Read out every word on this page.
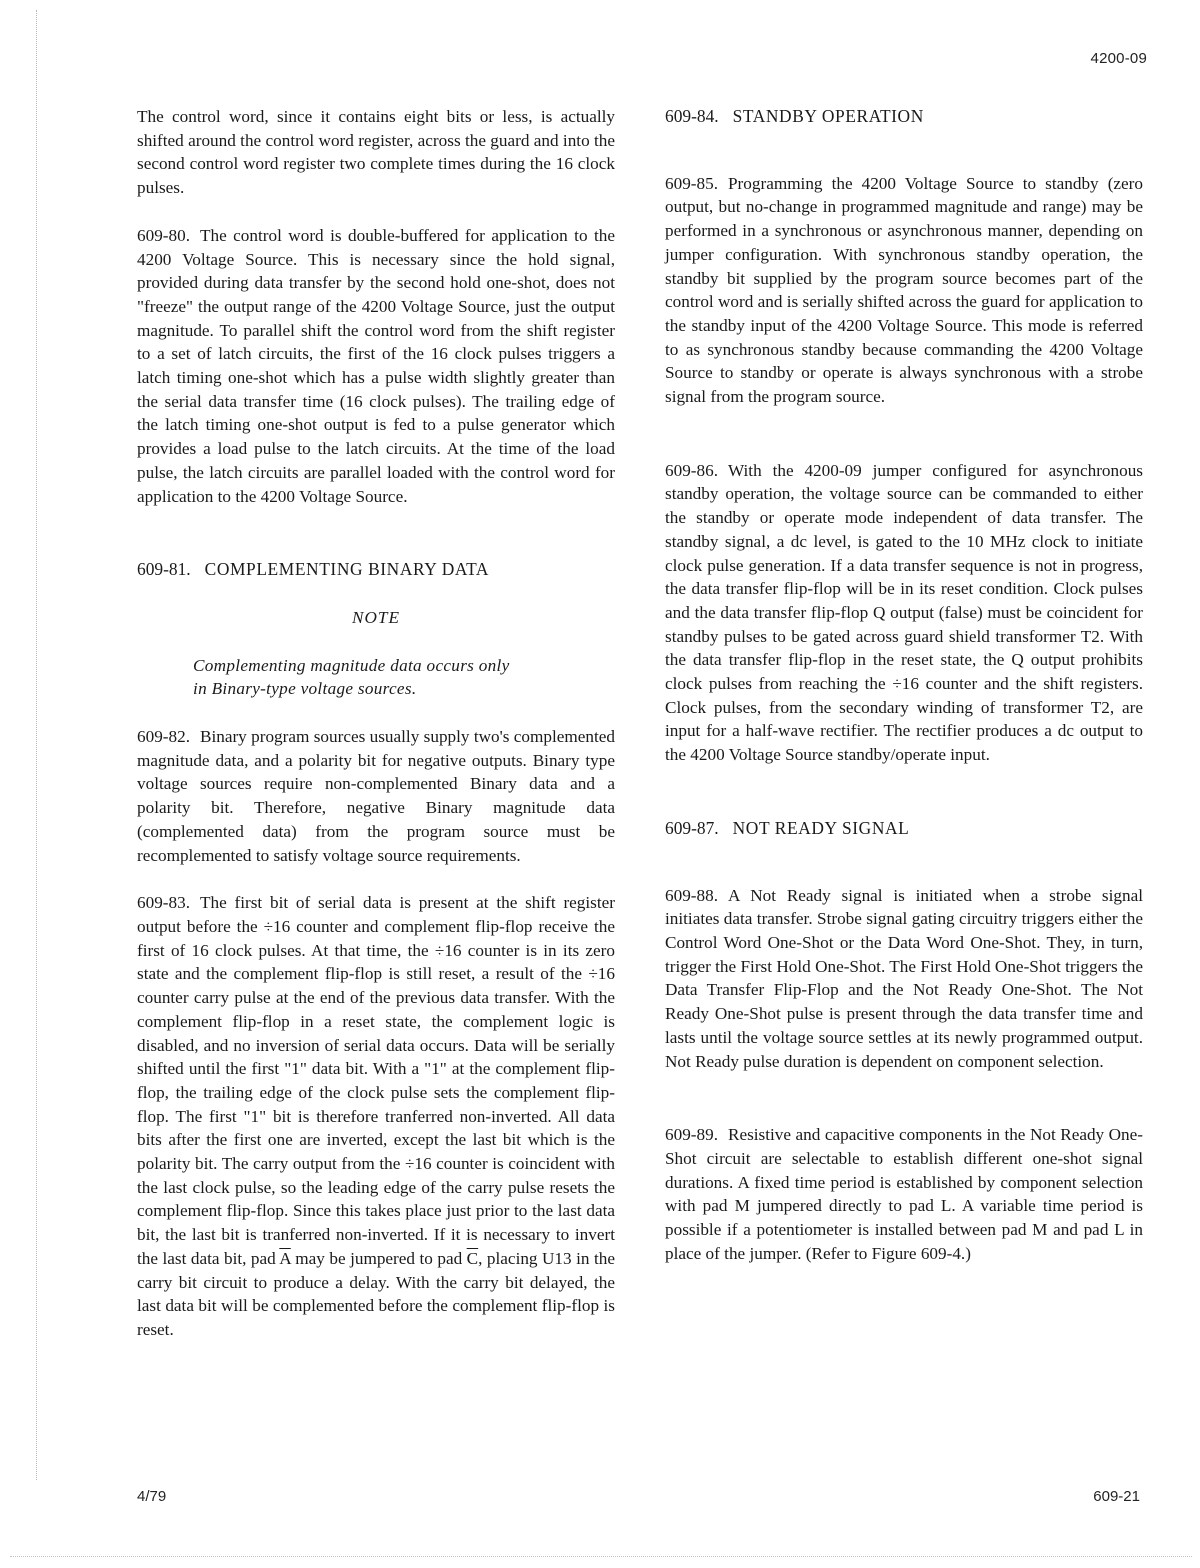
4200-09

The control word, since it contains eight bits or less, is actually shifted around the control word register, across the guard and into the second control word register two complete times during the 16 clock pulses.

609-80. The control word is double-buffered for application to the 4200 Voltage Source. This is necessary since the hold signal, provided during data transfer by the second hold one-shot, does not "freeze" the output range of the 4200 Voltage Source, just the output magnitude. To parallel shift the control word from the shift register to a set of latch circuits, the first of the 16 clock pulses triggers a latch timing one-shot which has a pulse width slightly greater than the serial data transfer time (16 clock pulses). The trailing edge of the latch timing one-shot output is fed to a pulse generator which provides a load pulse to the latch circuits. At the time of the load pulse, the latch circuits are parallel loaded with the control word for application to the 4200 Voltage Source.

609-81. COMPLEMENTING BINARY DATA

NOTE

Complementing magnitude data occurs only

in Binary-type voltage sources.

609-82. Binary program sources usually supply two's complemented magnitude data, and a polarity bit for negative outputs. Binary type voltage sources require non-complemented Binary data and a polarity bit. Therefore, negative Binary magnitude data (complemented data) from the program source must be recomplemented to satisfy voltage source requirements.

609-83. The first bit of serial data is present at the shift register output before the ÷16 counter and complement flip-flop receive the first of 16 clock pulses. At that time, the ÷16 counter is in its zero state and the complement flip-flop is still reset, a result of the ÷16 counter carry pulse at the end of the previous data transfer. With the complement flip-flop in a reset state, the complement logic is disabled, and no inversion of serial data occurs. Data will be serially shifted until the first "1" data bit. With a "1" at the complement flip-flop, the trailing edge of the clock pulse sets the complement flip-flop. The first "1" bit is therefore tranferred non-inverted. All data bits after the first one are inverted, except the last bit which is the polarity bit. The carry output from the ÷16 counter is coincident with the last clock pulse, so the leading edge of the carry pulse resets the complement flip-flop. Since this takes place just prior to the last data bit, the last bit is tranferred non-inverted. If it is necessary to invert the last data bit, pad $\overline{A}$ may be jumpered to pad $\overline{C}$, placing U13 in the carry bit circuit to produce a delay. With the carry bit delayed, the last data bit will be complemented before the complement flip-flop is reset.

609-84. STANDBY OPERATION

609-85. Programming the 4200 Voltage Source to standby (zero output, but no-change in programmed magnitude and range) may be performed in a synchronous or asynchronous manner, depending on jumper configuration. With synchronous standby operation, the standby bit supplied by the program source becomes part of the control word and is serially shifted across the guard for application to the standby input of the 4200 Voltage Source. This mode is referred to as synchronous standby because commanding the 4200 Voltage Source to standby or operate is always synchronous with a strobe signal from the program source.

609-86. With the 4200-09 jumper configured for asynchronous standby operation, the voltage source can be commanded to either the standby or operate mode independent of data transfer. The standby signal, a dc level, is gated to the 10 MHz clock to initiate clock pulse generation. If a data transfer sequence is not in progress, the data transfer flip-flop will be in its reset condition. Clock pulses and the data transfer flip-flop Q output (false) must be coincident for standby pulses to be gated across guard shield transformer T2. With the data transfer flip-flop in the reset state, the Q output prohibits clock pulses from reaching the ÷16 counter and the shift registers. Clock pulses, from the secondary winding of transformer T2, are input for a half-wave rectifier. The rectifier produces a dc output to the 4200 Voltage Source standby/operate input.

609-87. NOT READY SIGNAL

609-88. A Not Ready signal is initiated when a strobe signal initiates data transfer. Strobe signal gating circuitry triggers either the Control Word One-Shot or the Data Word One-Shot. They, in turn, trigger the First Hold One-Shot. The First Hold One-Shot triggers the Data Transfer Flip-Flop and the Not Ready One-Shot. The Not Ready One-Shot pulse is present through the data transfer time and lasts until the voltage source settles at its newly programmed output. Not Ready pulse duration is dependent on component selection.

609-89. Resistive and capacitive components in the Not Ready One-Shot circuit are selectable to establish different one-shot signal durations. A fixed time period is established by component selection with pad M jumpered directly to pad L. A variable time period is possible if a potentiometer is installed between pad M and pad L in place of the jumper. (Refer to Figure 609-4.)

4/79	609-21
